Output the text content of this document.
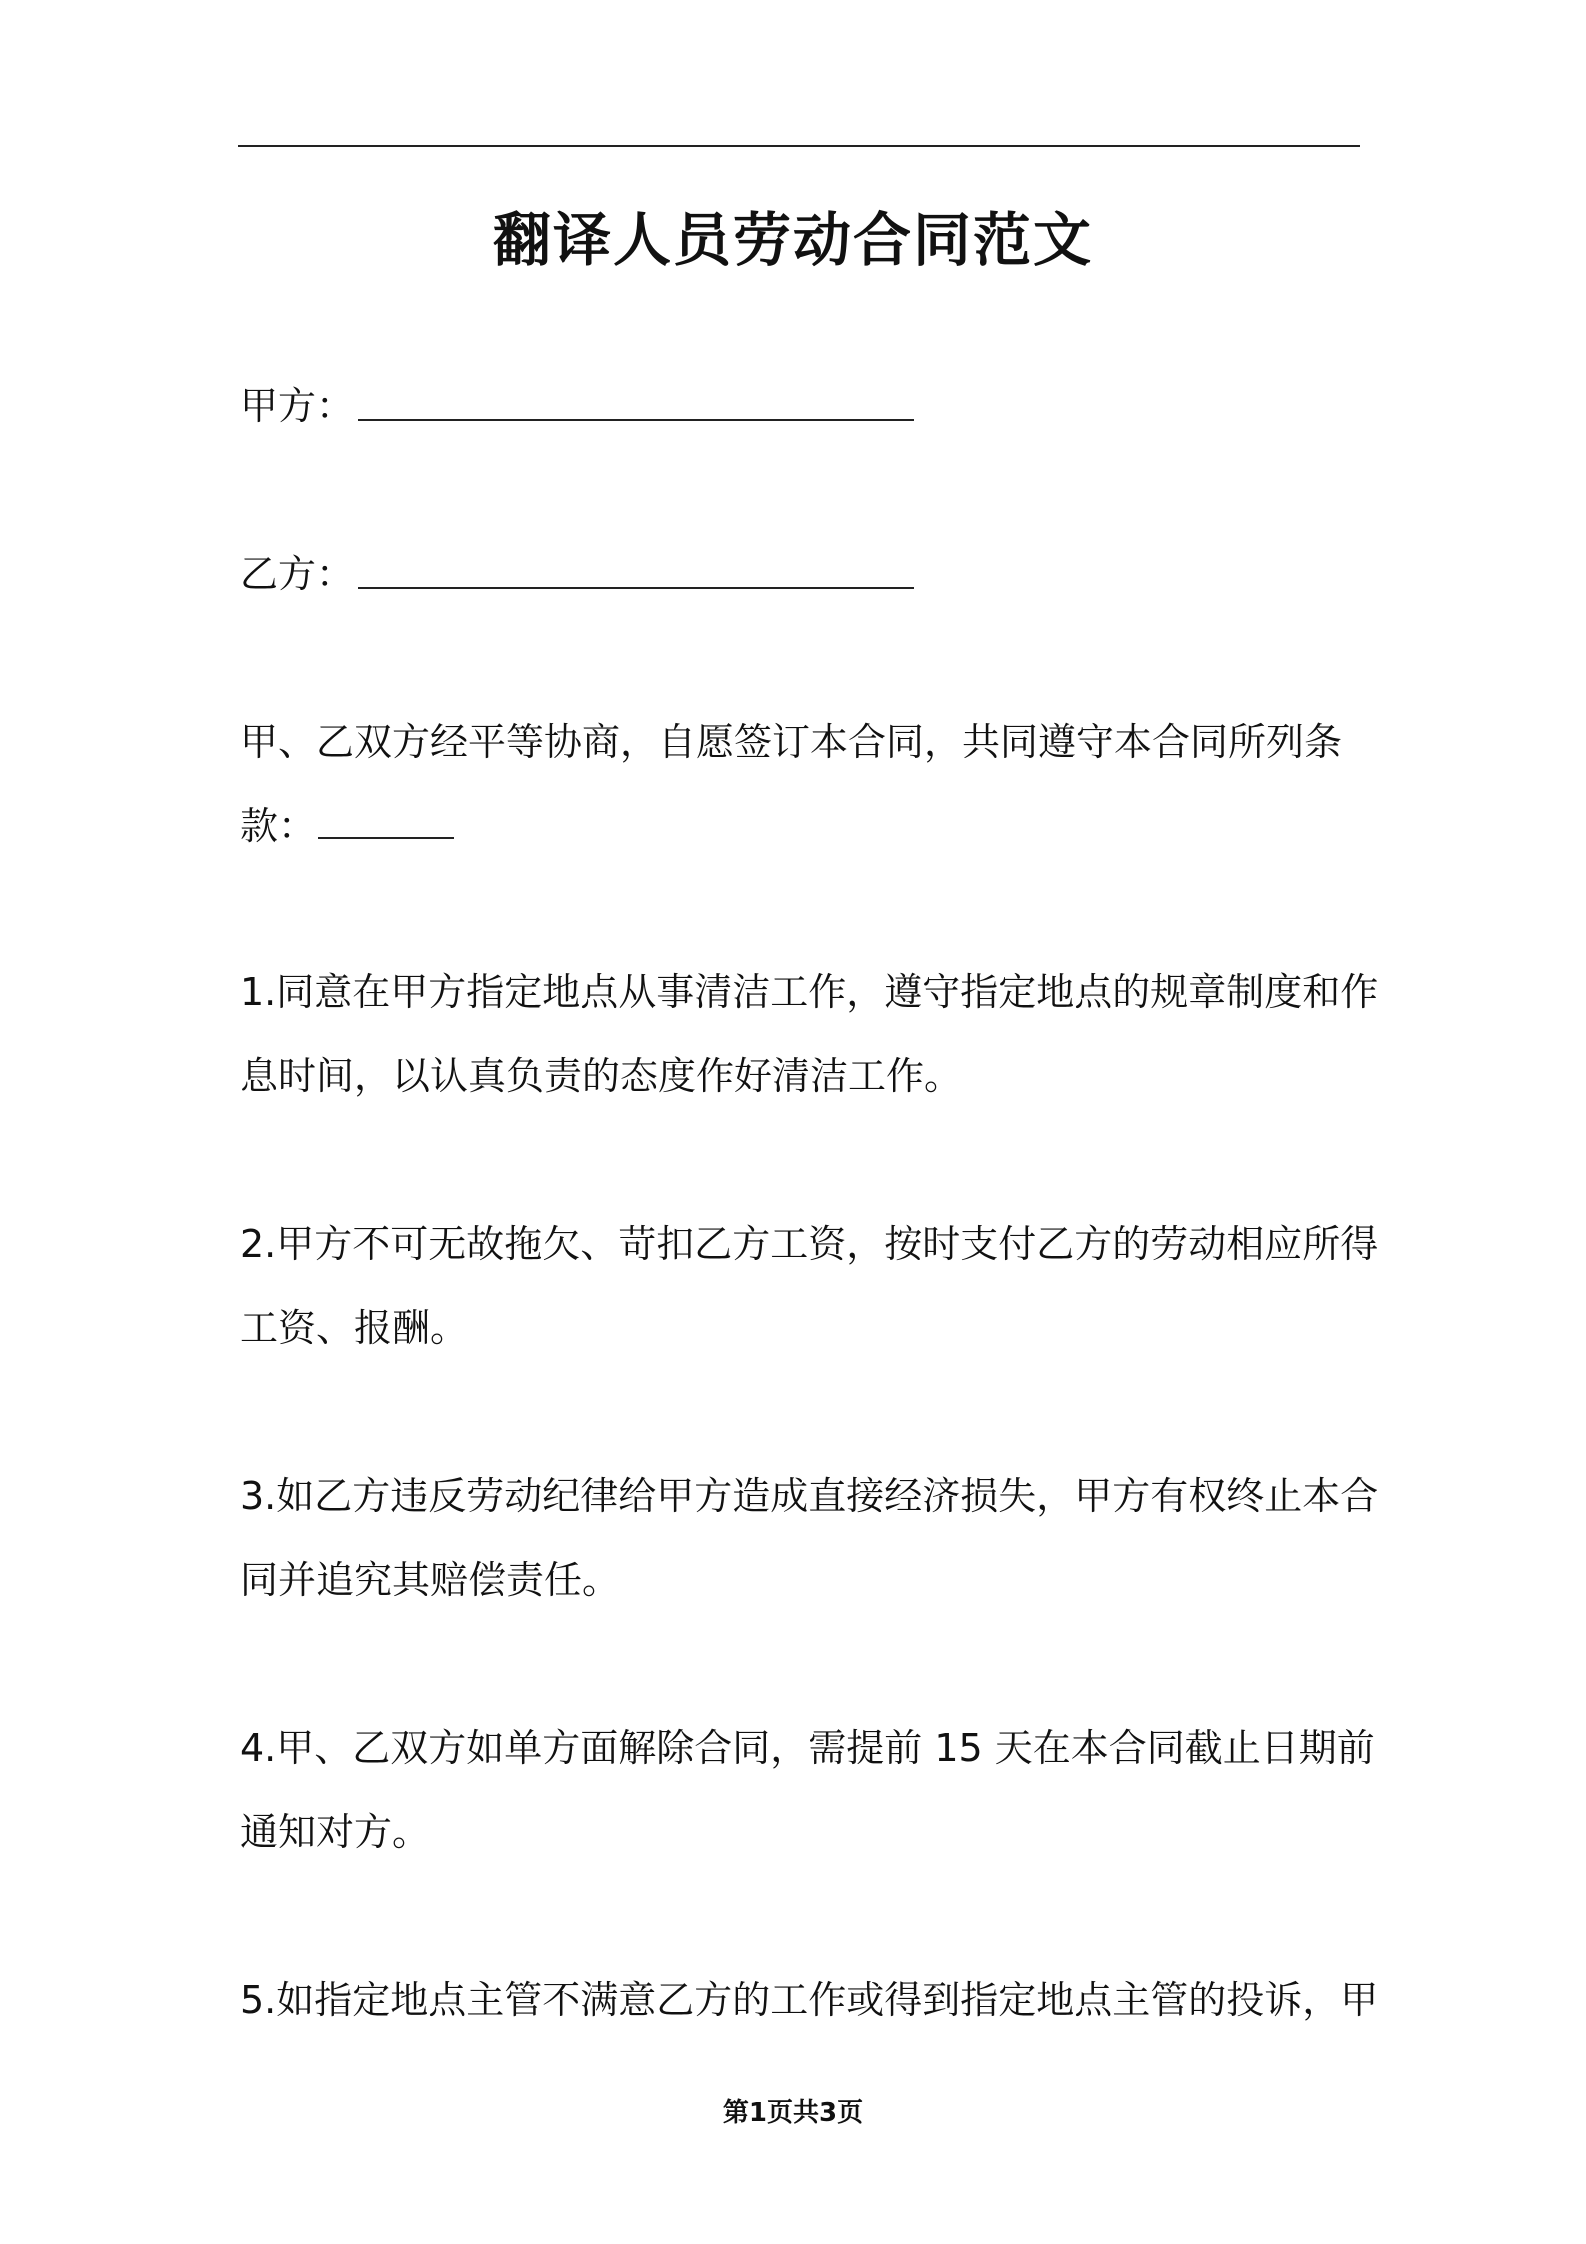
翻译人员劳动合同范文
甲方：
乙方：
甲、乙双方经平等协商，自愿签订本合同，共同遵守本合同所列条
款：
1.同意在甲方指定地点从事清洁工作，遵守指定地点的规章制度和作
息时间，以认真负责的态度作好清洁工作。
2.甲方不可无故拖欠、苛扣乙方工资，按时支付乙方的劳动相应所得
工资、报酬。
3.如乙方违反劳动纪律给甲方造成直接经济损失，甲方有权终止本合
同并追究其赔偿责任。
4.甲、乙双方如单方面解除合同，需提前 15 天在本合同截止日期前
通知对方。
5.如指定地点主管不满意乙方的工作或得到指定地点主管的投诉，甲
第1页共3页
